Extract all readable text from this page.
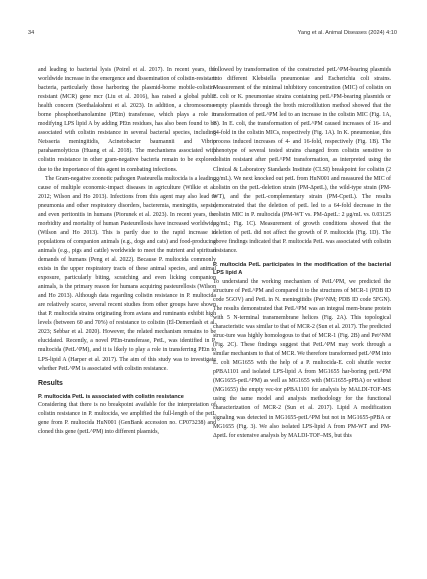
34	Yang et al. Animal Diseases (2024) 4:10

and leading to bacterial lysis (Poirel et al. 2017). In recent years, the worldwide increase in the emergence and dissemination of colistin-resistant bacteria, particularly those harboring the plasmid-borne mobile-colistin-resistant (MCR) gene mcr (Liu et al. 2016), has raised a global public health concern (Seethalakshmi et al. 2023). In addition, a chromosome-borne phosphoethanolamine (PEtn) transferase, which plays a role in modifying LPS lipid A by adding PEtn residues, has also been found to be associated with colistin resistance in several bacterial species, including Neisseria meningitidis, Acinetobacter baumannii and Vibrio parahaemolyticus (Huang et al. 2018). The mechanisms associated with colistin resistance in other gram-negative bacteria remain to be explored due to the importance of this agent in combating infections.

The Gram-negative zoonotic pathogen Pasteurella multocida is a leading cause of multiple economic-impact diseases in agriculture (Wilkie et al. 2012; Wilson and Ho 2013). Infections from this agent may also lead to pneumonia and other respiratory disorders, bacteremia, meningitis, sepsis, and even peritonitis in humans (Piorunek et al. 2023). In recent years, the morbidity and mortality of human Pasteurellosis have increased worldwide (Wilson and Ho 2013). This is partly due to the rapid increase in populations of companion animals (e.g., dogs and cats) and food-producing animals (e.g., pigs and cattle) worldwide to meet the nutrient and spiritual demands of humans (Peng et al. 2022). Because P. multocida commonly exists in the upper respiratory tracts of these animal species, and animal exposure, particularly biting, scratching and even licking companion animals, is the primary reason for humans acquiring pasteurellosis (Wilson and Ho 2013). Although data regarding colistin resistance in P. multocida are relatively scarce, several recent studies from other groups have shown that P. multocida strains originating from avians and ruminants exhibit high levels (between 60 and 70%) of resistance to colistin (El-Demerdash et al. 2023; Sebbar et al. 2020). However, the related mechanism remains to be elucidated. Recently, a novel PEtn-transferase, PetL, was identified in P. multocida (PetL^PM), and it is likely to play a role in transferring PEtn to LPS-lipid A (Harper et al. 2017). The aim of this study was to investigate whether PetL^PM is associated with colistin resistance.

Results
P. multocida PetL is associated with colistin resistance

Considering that there is no breakpoint available for the interpretation of colistin resistance in P. multocida, we amplified the full-length of the petL gene from P. multocida HuN001 (GenBank accession no. CP073238) and cloned this gene (petL^PM) into different plasmids,

followed by transformation of the constructed petL^PM-bearing plasmids into different Klebsiella pneumoniae and Escherichia coli strains. Measurement of the minimal inhibitory concentration (MIC) of colistin on E. coli or K. pneumoniae strains containing petL^PM-bearing plasmids or empty plasmids through the broth microdilution method showed that the transformation of petL^PM led to an increase in the colistin MIC (Fig. 1A, B). In E. coli, the transformation of petL^PM caused increases of 16- and 64-fold in the colistin MICs, respectively (Fig. 1A). In K. pneumoniae, this process induced increases of 4- and 16-fold, respectively (Fig. 1B). The phenotype of several tested strains changed from colistin sensitive to colistin resistant after petL^PM transformation, as interpreted using the Clinical & Laboratory Standards Institute (CLSI) breakpoint for colistin (2 μg/mL). We next knocked out petL from HuN001 and measured the MIC of colistin on the petL-deletion strain (PM-ΔpetL), the wild-type strain (PM-WT), and the petL-complementary strain (PM-CpetL). The results demonstrated that the deletion of petL led to a 64-fold decrease in the colistin MIC in P. multocida (PM-WT vs. PM-ΔpetL: 2 μg/mL vs. 0.03125 μg/mL; Fig. 1C). Measurement of growth conditions showed that the deletion of petL did not affect the growth of P. multocida (Fig. 1D). The above findings indicated that P. multocida PetL was associated with colistin resistance.

P. multocida PetL participates in the modification of the bacterial LPS lipid A

To understand the working mechanism of PetL^PM, we predicted the structure of PetL^PM and compared it to the structures of MCR-1 (PDB ID code 5GOV) and PetL in N. meningitidis (Pet^NM; PDB ID code 5FGN). The results demonstrated that PetL^PM was an integral mem-brane protein with 5 N-terminal transmembrane helices (Fig. 2A). This topological characteristic was similar to that of MCR-2 (Sun et al. 2017). The predicted struc-ture was highly homologous to that of MCR-1 (Fig. 2B) and Pet^NM (Fig. 2C). These findings suggest that PetL^PM may work through a similar mechanism to that of MCR. We therefore transformed petL^PM into E. coli MG1655 with the help of a P. multocida-E. coli shuttle vector pPBA1101 and isolated LPS-lipid A from MG1655 har-boring petL^PM (MG1655-petL^PM) as well as MG1655 with (MG1655-pPBA) or without (MG1655) the empty vec-tor pPBA1101 for analysis by MALDI-TOF-MS using the same model and analysis methodology for the functional characterization of MCR-2 (Sun et al. 2017). Lipid A modification signaling was detected in MG1655-petL^PM but not in MG1655-pPBA or MG1655 (Fig. 3). We also isolated LPS-lipid A from PM-WT and PM-ΔpetL for extensive analysis by MALDI-TOF–MS, but this
